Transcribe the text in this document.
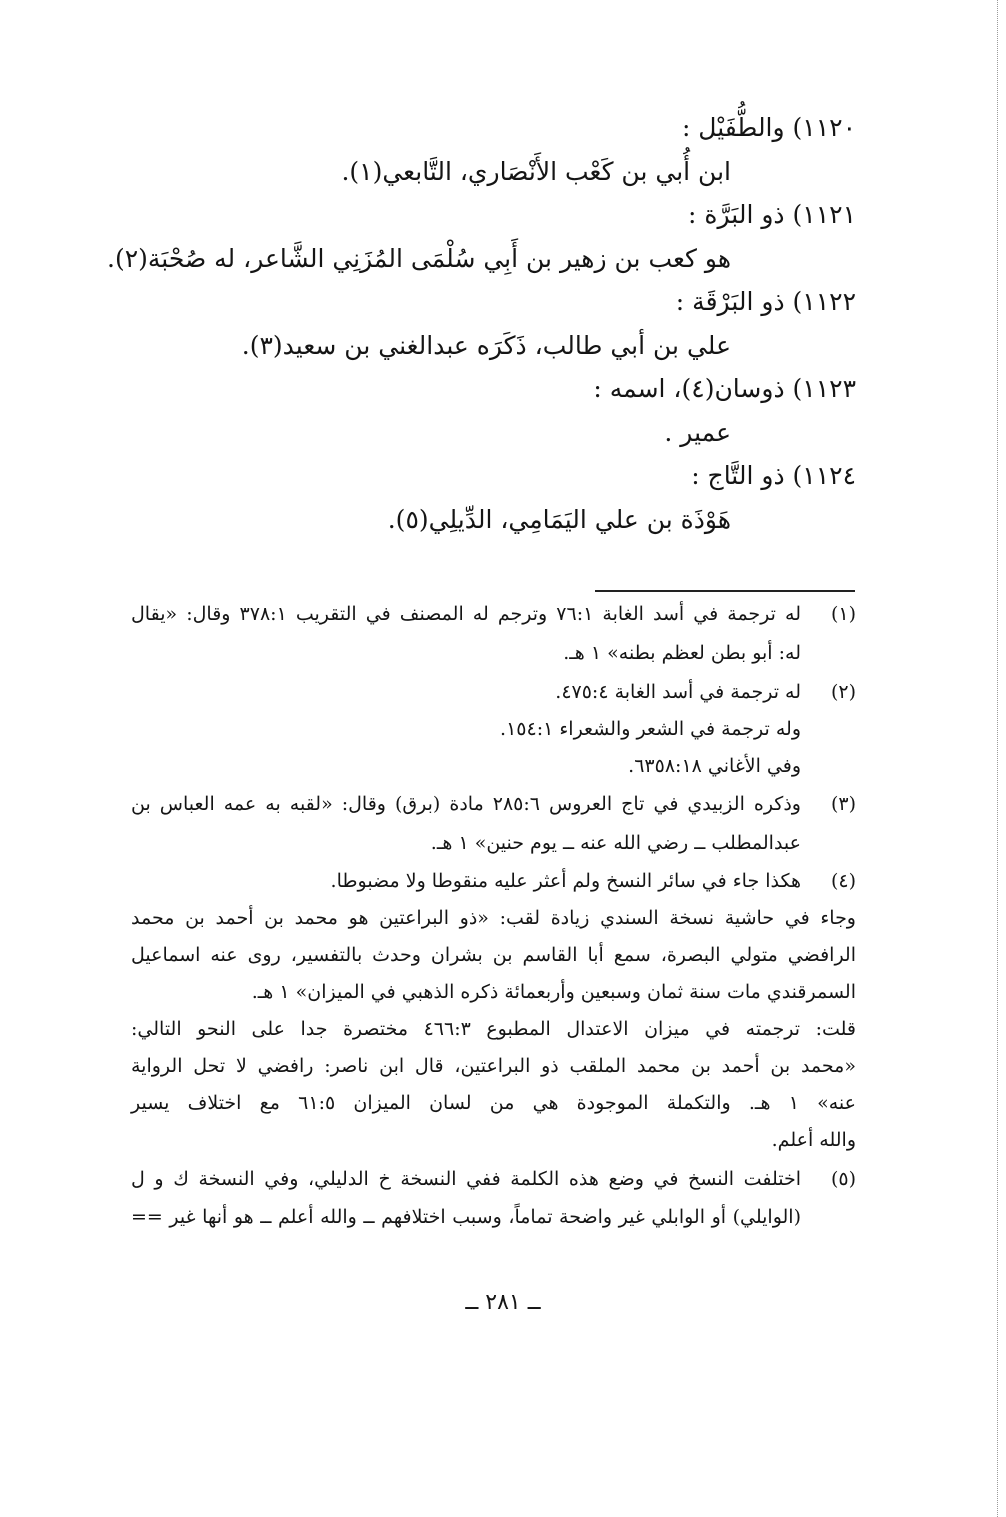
١١٢٠) والطُّفَيْل :
ابن أُبي بن كَعْب الأَنْصَاري، التَّابعي(١).
١١٢١) ذو البَرَّة :
هو كعب بن زهير بن أَبِي سُلْمَى المُزَنِي الشَّاعر، له صُحْبَة(٢).
١١٢٢) ذو البَرْقَة :
علي بن أبي طالب، ذَكَرَه عبدالغني بن سعيد(٣).
١١٢٣) ذوسان(٤)، اسمه :
عمير .
١١٢٤) ذو التَّاج :
هَوْذَة بن علي اليَمَامِي، الدِّيلِي(٥).
(١)
له ترجمة في أسد الغابة ٧٦:١ وترجم له المصنف في التقريب ٣٧٨:١ وقال: «يقال
له: أبو بطن لعظم بطنه» ١ هـ.
(٢)
له ترجمة في أسد الغابة ٤٧٥:٤.
وله ترجمة في الشعر والشعراء ١٥٤:١.
وفي الأغاني ٦٣٥٨:١٨.
(٣)
وذكره الزبيدي في تاج العروس ٢٨٥:٦ مادة (برق) وقال: «لقبه به عمه العباس بن
عبدالمطلب ــ رضي الله عنه ــ يوم حنين» ١ هـ.
(٤)
هكذا جاء في سائر النسخ ولم أعثر عليه منقوطا ولا مضبوطا.
وجاء في حاشية نسخة السندي زيادة لقب: «ذو البراعتين هو محمد بن أحمد بن محمد
الرافضي متولي البصرة، سمع أبا القاسم بن بشران وحدث بالتفسير، روى عنه اسماعيل
السمرقندي مات سنة ثمان وسبعين وأربعمائة ذكره الذهبي في الميزان» ١ هـ.
قلت: ترجمته في ميزان الاعتدال المطبوع ٤٦٦:٣ مختصرة جدا على النحو التالي:
«محمد بن أحمد بن محمد الملقب ذو البراعتين، قال ابن ناصر: رافضي لا تحل الرواية
عنه» ١ هـ. والتكملة الموجودة هي من لسان الميزان ٦١:٥ مع اختلاف يسير
والله أعلم.
(٥)
اختلفت النسخ في وضع هذه الكلمة ففي النسخة خ الدليلي، وفي النسخة ك و ل
(الوايلي) أو الوابلي غير واضحة تماماً، وسبب اختلافهم ــ والله أعلم ــ هو أنها غير ==
ــ ٢٨١ ــ
